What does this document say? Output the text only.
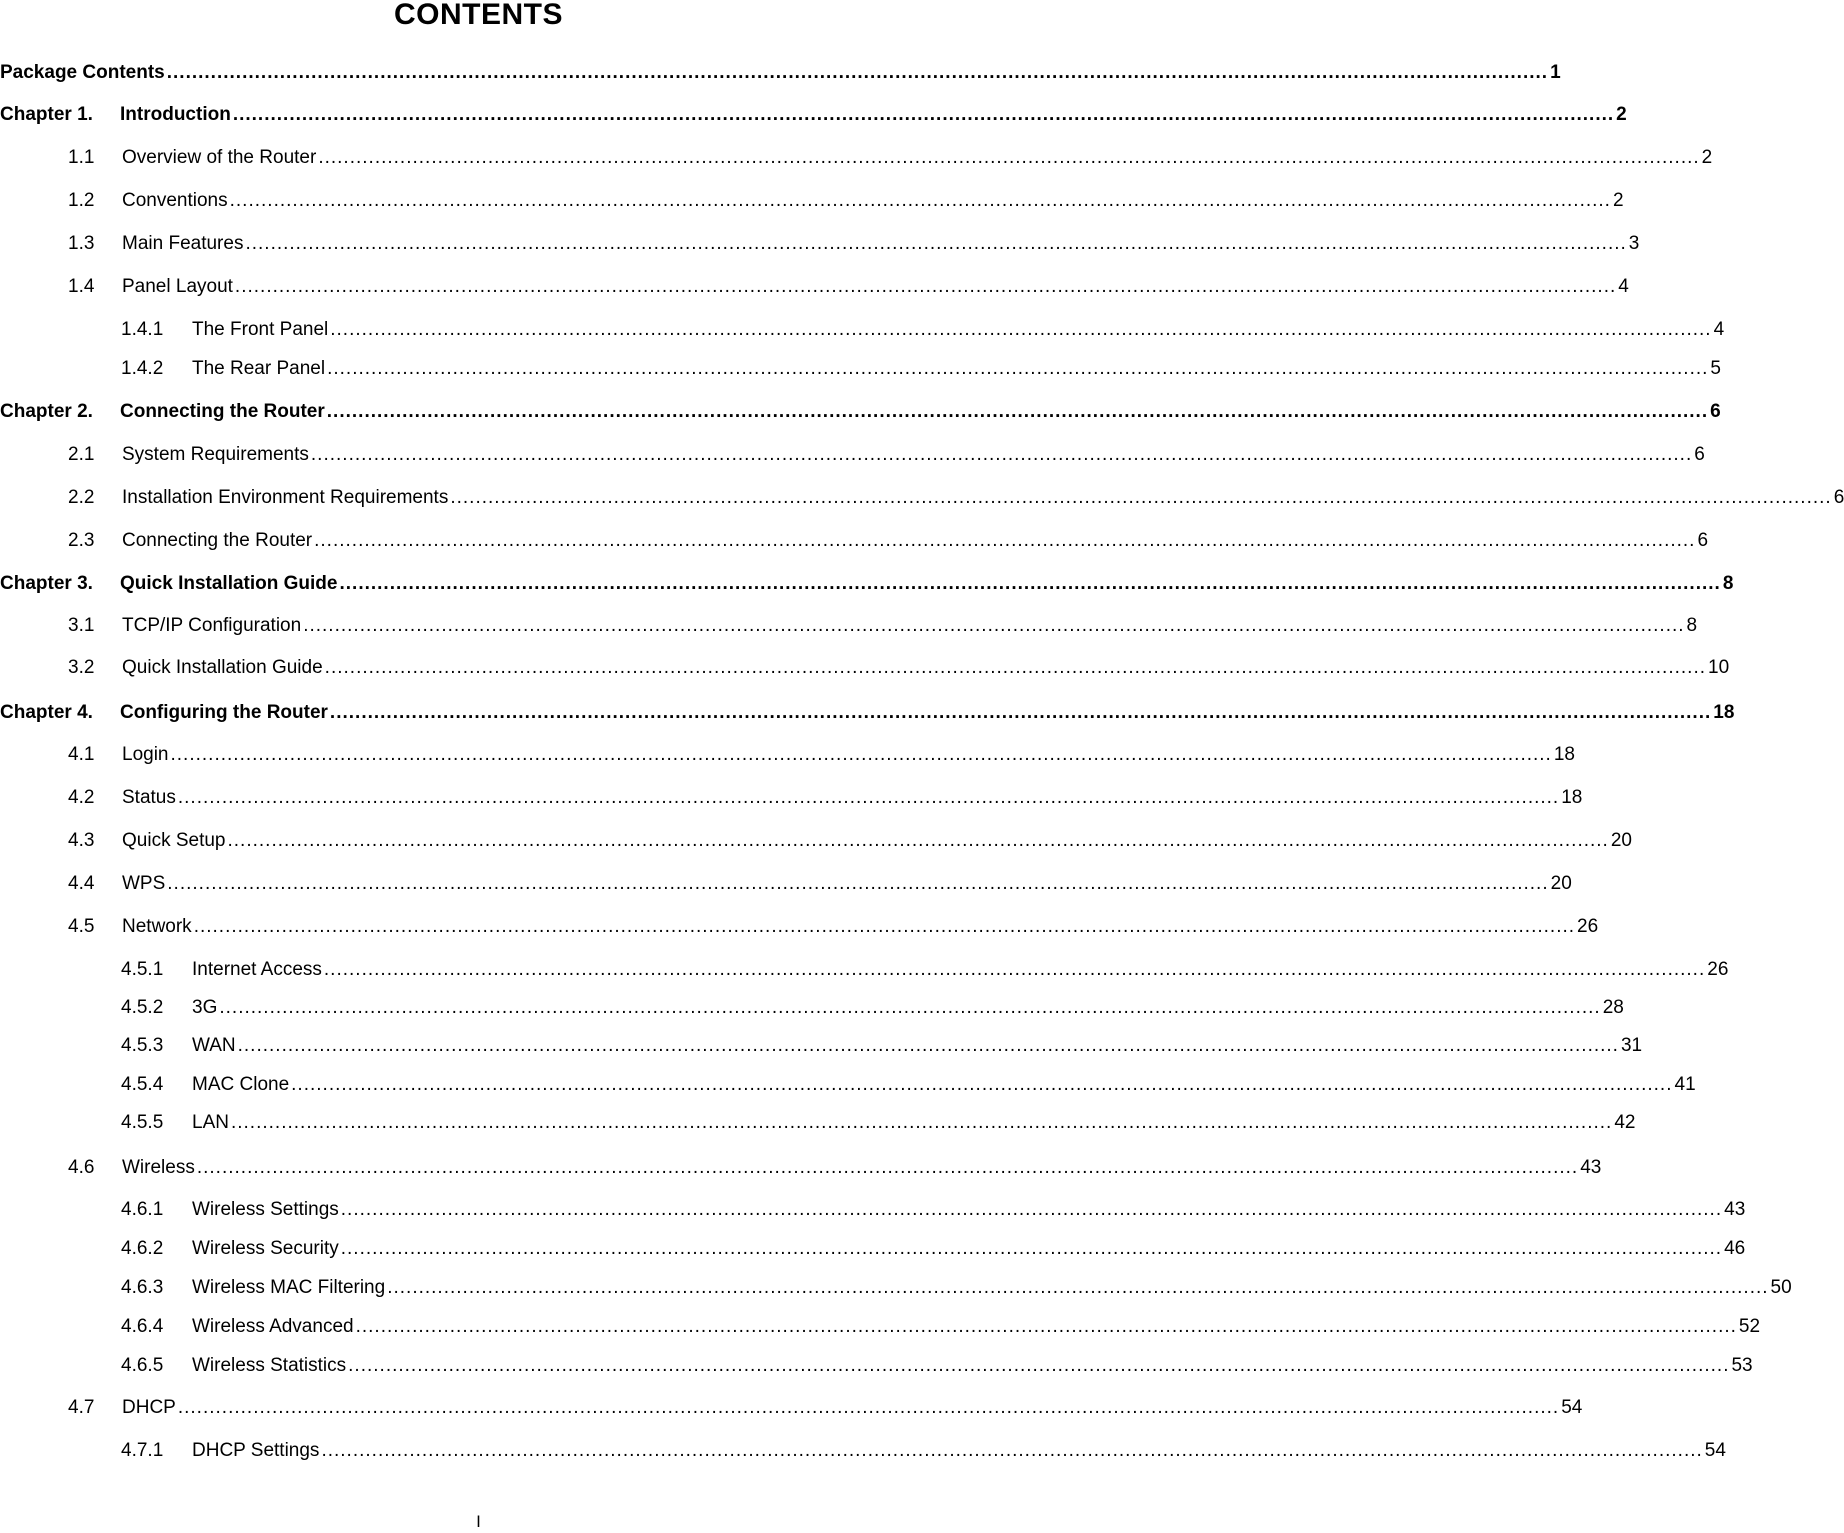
CONTENTS
Package Contents ............................................................................................................................................................................................................................ 1
Chapter 1.	Introduction ............................................................................................................................................................................................................................ 2
1.1	Overview of the Router ............................................................................................................................................................................................................................ 2
1.2	Conventions ............................................................................................................................................................................................................................ 2
1.3	Main Features ............................................................................................................................................................................................................................ 3
1.4	Panel Layout ............................................................................................................................................................................................................................ 4
1.4.1	The Front Panel ............................................................................................................................................................................................................................ 4
1.4.2	The Rear Panel ............................................................................................................................................................................................................................ 5
Chapter 2.	Connecting the Router ............................................................................................................................................................................................................................ 6
2.1	System Requirements ............................................................................................................................................................................................................................ 6
2.2	Installation Environment Requirements ............................................................................................................................................................................................................................ 6
2.3	Connecting the Router ............................................................................................................................................................................................................................ 6
Chapter 3.	Quick Installation Guide ............................................................................................................................................................................................................................ 8
3.1	TCP/IP Configuration ............................................................................................................................................................................................................................ 8
3.2	Quick Installation Guide ............................................................................................................................................................................................................................ 10
Chapter 4.	Configuring the Router ............................................................................................................................................................................................................................ 18
4.1	Login ............................................................................................................................................................................................................................ 18
4.2	Status ............................................................................................................................................................................................................................ 18
4.3	Quick Setup ............................................................................................................................................................................................................................ 20
4.4	WPS ............................................................................................................................................................................................................................ 20
4.5	Network ............................................................................................................................................................................................................................ 26
4.5.1	Internet Access ............................................................................................................................................................................................................................ 26
4.5.2	3G ............................................................................................................................................................................................................................ 28
4.5.3	WAN ............................................................................................................................................................................................................................ 31
4.5.4	MAC Clone ............................................................................................................................................................................................................................ 41
4.5.5	LAN ............................................................................................................................................................................................................................ 42
4.6	Wireless ............................................................................................................................................................................................................................ 43
4.6.1	Wireless Settings ............................................................................................................................................................................................................................ 43
4.6.2	Wireless Security ............................................................................................................................................................................................................................ 46
4.6.3	Wireless MAC Filtering ............................................................................................................................................................................................................................ 50
4.6.4	Wireless Advanced ............................................................................................................................................................................................................................ 52
4.6.5	Wireless Statistics ............................................................................................................................................................................................................................ 53
4.7	DHCP ............................................................................................................................................................................................................................ 54
4.7.1	DHCP Settings ............................................................................................................................................................................................................................ 54
I
